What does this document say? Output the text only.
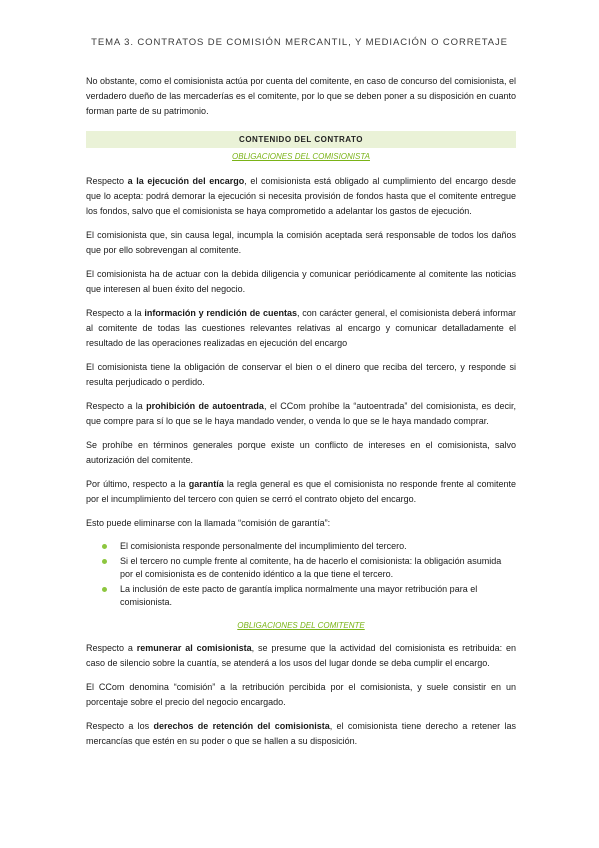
TEMA 3. CONTRATOS DE COMISIÓN MERCANTIL, Y MEDIACIÓN O CORRETAJE

No obstante, como el comisionista actúa por cuenta del comitente, en caso de concurso del comisionista, el verdadero dueño de las mercaderías es el comitente, por lo que se deben poner a su disposición en cuanto forman parte de su patrimonio.

CONTENIDO DEL CONTRATO
OBLIGACIONES DEL COMISIONISTA

Respecto a la ejecución del encargo, el comisionista está obligado al cumplimiento del encargo desde que lo acepta: podrá demorar la ejecución si necesita provisión de fondos hasta que el comitente entregue los fondos, salvo que el comisionista se haya comprometido a adelantar los gastos de ejecución.

El comisionista que, sin causa legal, incumpla la comisión aceptada será responsable de todos los daños que por ello sobrevengan al comitente.

El comisionista ha de actuar con la debida diligencia y comunicar periódicamente al comitente las noticias que interesen al buen éxito del negocio.

Respecto a la información y rendición de cuentas, con carácter general, el comisionista deberá informar al comitente de todas las cuestiones relevantes relativas al encargo y comunicar detalladamente el resultado de las operaciones realizadas en ejecución del encargo

El comisionista tiene la obligación de conservar el bien o el dinero que reciba del tercero, y responde si resulta perjudicado o perdido.

Respecto a la prohibición de autoentrada, el CCom prohíbe la “autoentrada” del comisionista, es decir, que compre para sí lo que se le haya mandado vender, o venda lo que se le haya mandado comprar.

Se prohíbe en términos generales porque existe un conflicto de intereses en el comisionista, salvo autorización del comitente.

Por último, respecto a la garantía la regla general es que el comisionista no responde frente al comitente por el incumplimiento del tercero con quien se cerró el contrato objeto del encargo.

Esto puede eliminarse con la llamada “comisión de garantía”:

El comisionista responde personalmente del incumplimiento del tercero.
Si el tercero no cumple frente al comitente, ha de hacerlo el comisionista: la obligación asumida por el comisionista es de contenido idéntico a la que tiene el tercero.
La inclusión de este pacto de garantía implica normalmente una mayor retribución para el comisionista.
OBLIGACIONES DEL COMITENTE

Respecto a remunerar al comisionista, se presume que la actividad del comisionista es retribuida: en caso de silencio sobre la cuantía, se atenderá a los usos del lugar donde se deba cumplir el encargo.

El CCom denomina “comisión” a la retribución percibida por el comisionista, y suele consistir en un porcentaje sobre el precio del negocio encargado.

Respecto a los derechos de retención del comisionista, el comisionista tiene derecho a retener las mercancías que estén en su poder o que se hallen a su disposición.
